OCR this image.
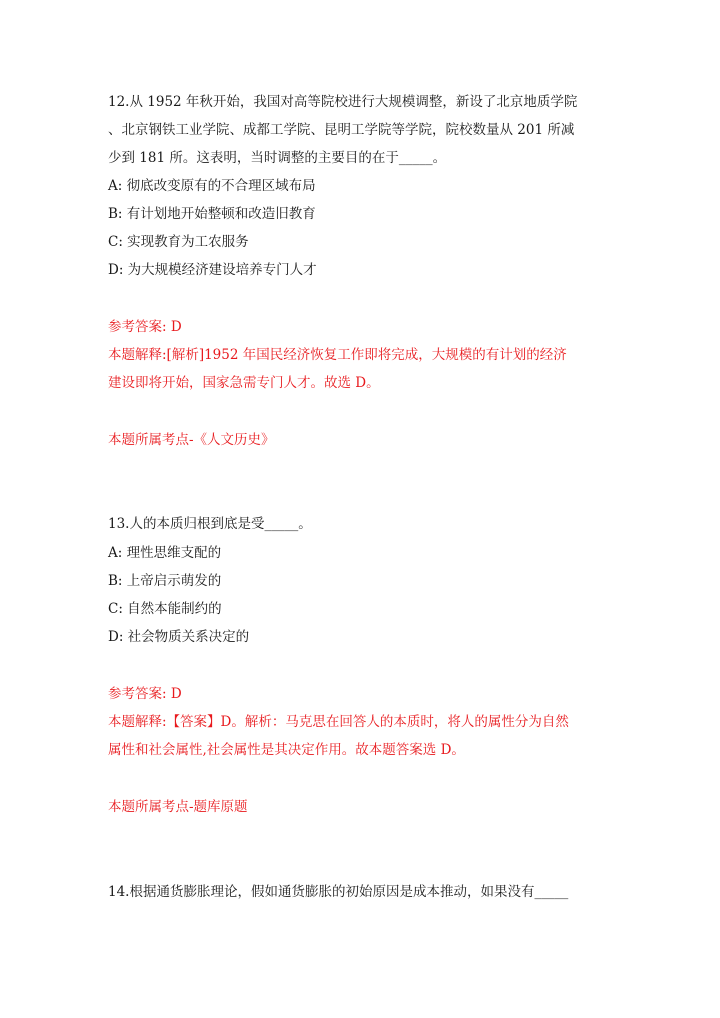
12.从 1952 年秋开始，我国对高等院校进行大规模调整，新设了北京地质学院
、北京钢铁工业学院、成都工学院、昆明工学院等学院，院校数量从 201 所减
少到 181 所。这表明，当时调整的主要目的在于_____。
A: 彻底改变原有的不合理区域布局
B: 有计划地开始整顿和改造旧教育
C: 实现教育为工农服务
D: 为大规模经济建设培养专门人才
参考答案: D
本题解释:[解析]1952 年国民经济恢复工作即将完成，大规模的有计划的经济
建设即将开始，国家急需专门人才。故选 D。
本题所属考点-《人文历史》
13.人的本质归根到底是受_____。
A: 理性思维支配的
B: 上帝启示萌发的
C: 自然本能制约的
D: 社会物质关系决定的
参考答案: D
本题解释:【答案】D。解析：马克思在回答人的本质时，将人的属性分为自然
属性和社会属性,社会属性是其决定作用。故本题答案选 D。
本题所属考点-题库原题
14.根据通货膨胀理论，假如通货膨胀的初始原因是成本推动，如果没有_____
